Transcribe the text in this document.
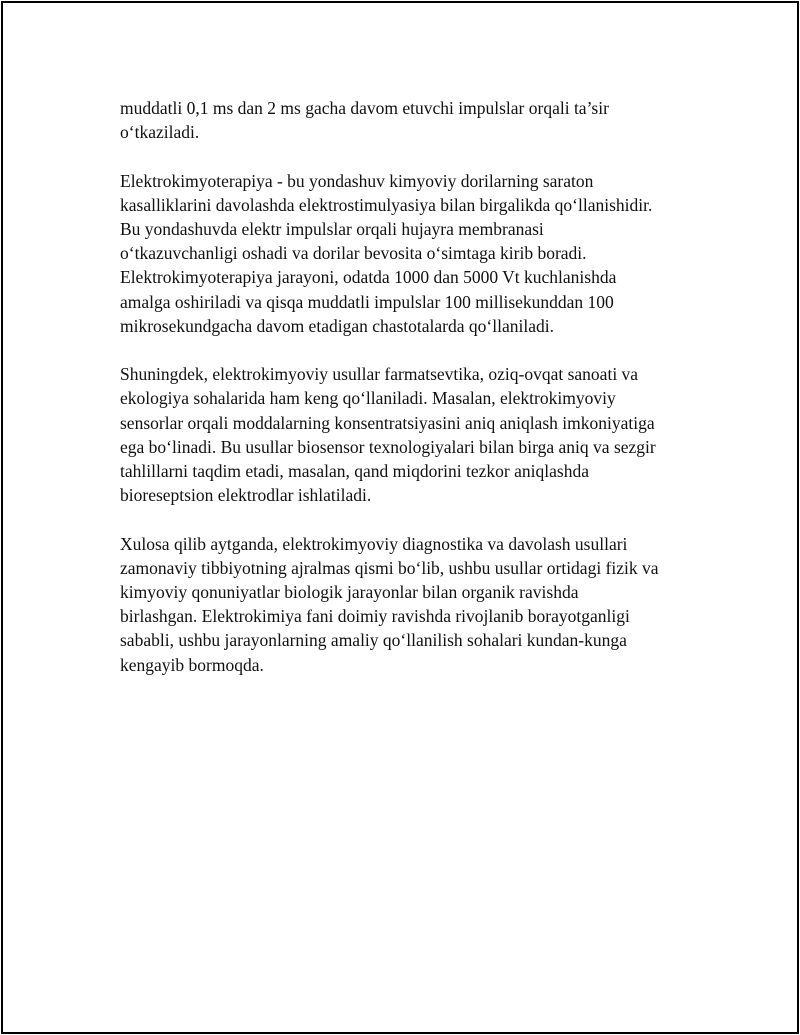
muddatli 0,1 ms dan 2 ms gacha davom etuvchi impulslar orqali ta’sir
o‘tkaziladi.

Elektrokimyoterapiya - bu yondashuv kimyoviy dorilarning saraton
kasalliklarini davolashda elektrostimulyasiya bilan birgalikda qo‘llanishidir.
Bu yondashuvda elektr impulslar orqali hujayra membranasi
o‘tkazuvchanligi oshadi va dorilar bevosita o‘simtaga kirib boradi.
Elektrokimyoterapiya jarayoni, odatda 1000 dan 5000 Vt kuchlanishda
amalga oshiriladi va qisqa muddatli impulslar 100 millisekunddan 100
mikrosekundgacha davom etadigan chastotalarda qo‘llaniladi.

Shuningdek, elektrokimyoviy usullar farmatsevtika, oziq-ovqat sanoati va
ekologiya sohalarida ham keng qo‘llaniladi. Masalan, elektrokimyoviy
sensorlar orqali moddalarning konsentratsiyasini aniq aniqlash imkoniyatiga
ega bo‘linadi. Bu usullar biosensor texnologiyalari bilan birga aniq va sezgir
tahlillarni taqdim etadi, masalan, qand miqdorini tezkor aniqlashda
bioreseptsion elektrodlar ishlatiladi.

Xulosa qilib aytganda, elektrokimyoviy diagnostika va davolash usullari
zamonaviy tibbiyotning ajralmas qismi bo‘lib, ushbu usullar ortidagi fizik va
kimyoviy qonuniyatlar biologik jarayonlar bilan organik ravishda
birlashgan. Elektrokimiya fani doimiy ravishda rivojlanib borayotganligi
sababli, ushbu jarayonlarning amaliy qo‘llanilish sohalari kundan-kunga
kengayib bormoqda.
